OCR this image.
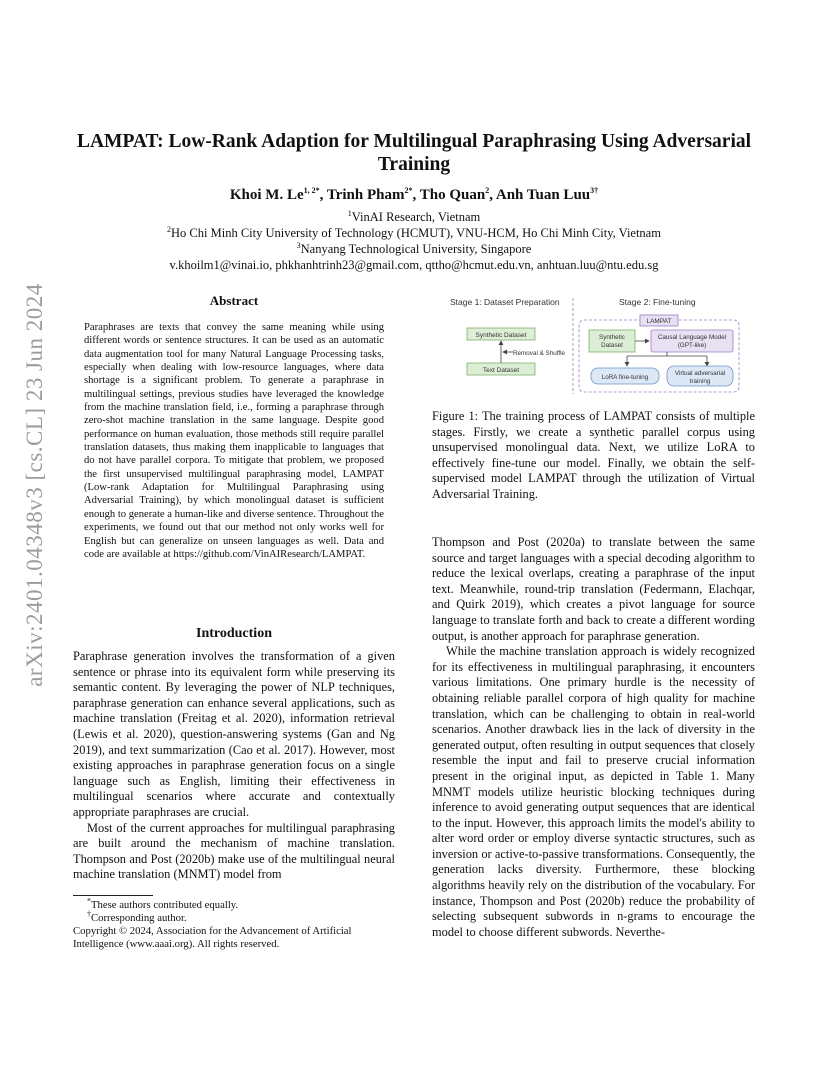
arXiv:2401.04348v3 [cs.CL] 23 Jun 2024
LAMPAT: Low-Rank Adaption for Multilingual Paraphrasing Using Adversarial Training
Khoi M. $Le^{1, 2*}$, Trinh Pham$^{2*}$, Tho Quan$^2$, Anh Tuan Luu$^{3\dagger}$
$^1$VinAI Research, Vietnam
$^2$Ho Chi Minh City University of Technology (HCMUT), VNU-HCM, Ho Chi Minh City, Vietnam
$^3$Nanyang Technological University, Singapore
v.khoilm1@vinai.io, phkhanhtrinh23@gmail.com, qttho@hcmut.edu.vn, anhtuan.luu@ntu.edu.sg
Abstract
Paraphrases are texts that convey the same meaning while using different words or sentence structures. It can be used as an automatic data augmentation tool for many Natural Language Processing tasks, especially when dealing with low-resource languages, where data shortage is a significant problem. To generate a paraphrase in multilingual settings, previous studies have leveraged the knowledge from the machine translation field, i.e., forming a paraphrase through zero-shot machine translation in the same language. Despite good performance on human evaluation, those methods still require parallel translation datasets, thus making them inapplicable to languages that do not have parallel corpora. To mitigate that problem, we proposed the first unsupervised multilingual paraphrasing model, LAMPAT (Low-rank Adaptation for Multilingual Paraphrasing using Adversarial Training), by which monolingual dataset is sufficient enough to generate a human-like and diverse sentence. Throughout the experiments, we found out that our method not only works well for English but can generalize on unseen languages as well. Data and code are available at https://github.com/VinAIResearch/LAMPAT.
Introduction

Paraphrase generation involves the transformation of a given sentence or phrase into its equivalent form while preserving its semantic content. By leveraging the power of NLP techniques, paraphrase generation can enhance several applications, such as machine translation (Freitag et al. 2020), information retrieval (Lewis et al. 2020), question-answering systems (Gan and Ng 2019), and text summarization (Cao et al. 2017). However, most existing approaches in paraphrase generation focus on a single language such as English, limiting their effectiveness in multilingual scenarios where accurate and contextually appropriate paraphrases are crucial.

Most of the current approaches for multilingual paraphrasing are built around the mechanism of machine translation. Thompson and Post (2020b) make use of the multilingual neural machine translation (MNMT) model from

*These authors contributed equally.
†Corresponding author.
Copyright © 2024, Association for the Advancement of Artificial Intelligence (www.aaai.org). All rights reserved.
Stage 1: Dataset Preparation
Synthetic Dataset
Text Dataset
Removal & Shuffle
Stage 2: Fine-tuning
LAMPAT
Synthetic
Dataset
Causal Language Model
(GPT-like)
LoRA fine-tuning
Virtual adversarial
training

Figure 1: The training process of LAMPAT consists of multiple stages. Firstly, we create a synthetic parallel corpus using unsupervised monolingual data. Next, we utilize LoRA to effectively fine-tune our model. Finally, we obtain the self-supervised model LAMPAT through the utilization of Virtual Adversarial Training.

Thompson and Post (2020a) to translate between the same source and target languages with a special decoding algorithm to reduce the lexical overlaps, creating a paraphrase of the input text. Meanwhile, round-trip translation (Federmann, Elachqar, and Quirk 2019), which creates a pivot language for source language to translate forth and back to create a different wording output, is another approach for paraphrase generation.

While the machine translation approach is widely recognized for its effectiveness in multilingual paraphrasing, it encounters various limitations. One primary hurdle is the necessity of obtaining reliable parallel corpora of high quality for machine translation, which can be challenging to obtain in real-world scenarios. Another drawback lies in the lack of diversity in the generated output, often resulting in output sequences that closely resemble the input and fail to preserve crucial information present in the original input, as depicted in Table 1. Many MNMT models utilize heuristic blocking techniques during inference to avoid generating output sequences that are identical to the input. However, this approach limits the model's ability to alter word order or employ diverse syntactic structures, such as inversion or active-to-passive transformations. Consequently, the generation lacks diversity. Furthermore, these blocking algorithms heavily rely on the distribution of the vocabulary. For instance, Thompson and Post (2020b) reduce the probability of selecting subsequent subwords in n-grams to encourage the model to choose different subwords. Neverthe-
